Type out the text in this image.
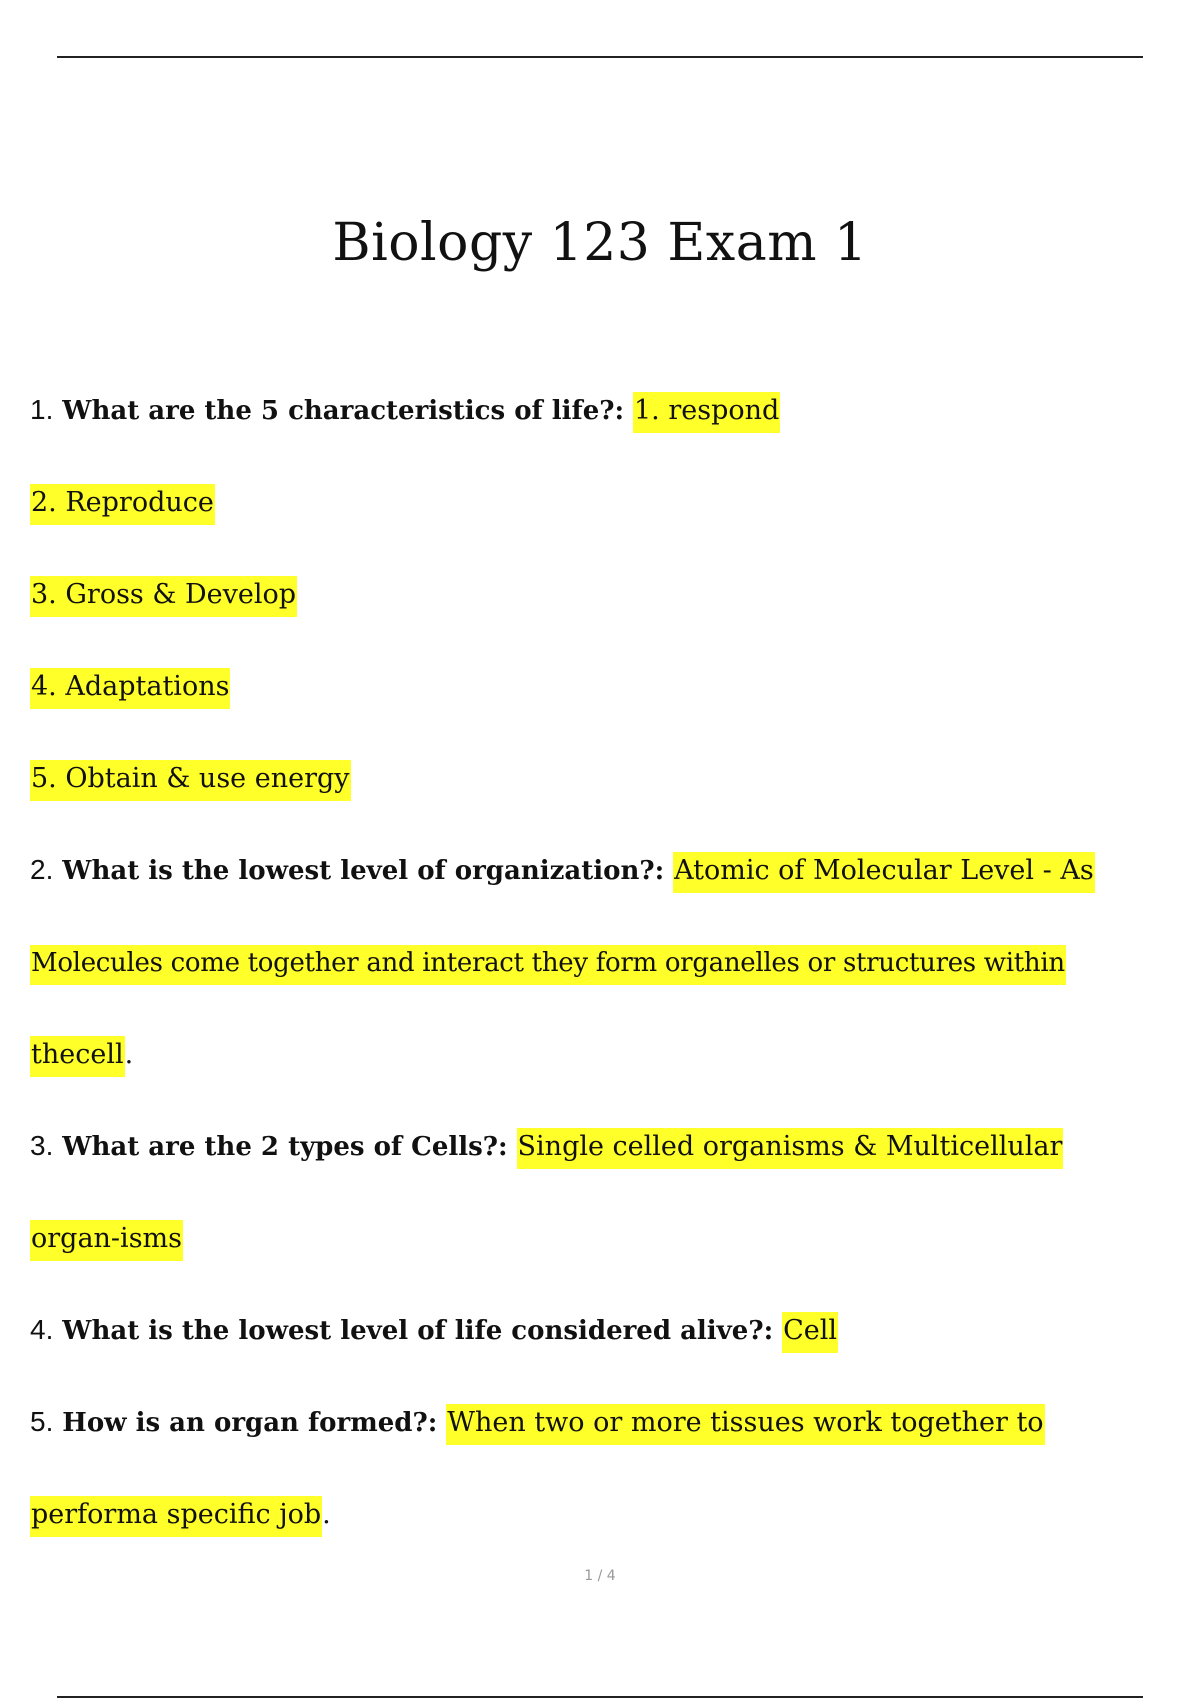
Biology 123 Exam 1
1. What are the 5 characteristics of life?: 1. respond
2. Reproduce
3. Gross & Develop
4. Adaptations
5. Obtain & use energy
2. What is the lowest level of organization?: Atomic of Molecular Level - As
Molecules come together and interact they form organelles or structures within
thecell.
3. What are the 2 types of Cells?: Single celled organisms & Multicellular
organ-isms
4. What is the lowest level of life considered alive?: Cell
5. How is an organ formed?: When two or more tissues work together to
performa specific job.
1 / 4
